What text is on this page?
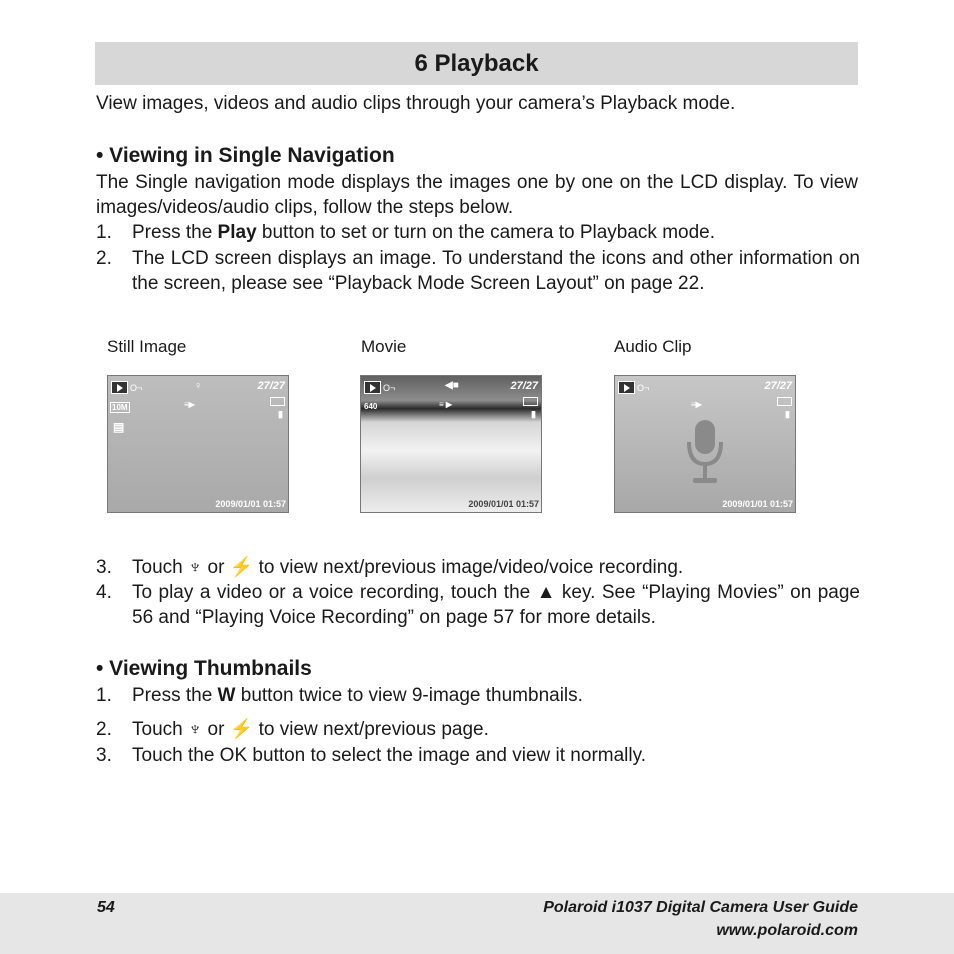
6 Playback
View images, videos and audio clips through your camera’s Playback mode.
• Viewing in Single Navigation
The Single navigation mode displays the images one by one on the LCD display. To view images/videos/audio clips, follow the steps below.
1. Press the Play button to set or turn on the camera to Playback mode.
2. The LCD screen displays an image. To understand the icons and other information on the screen, please see “Playback Mode Screen Layout” on page 22.
Still Image	Movie	Audio Clip
O¬	♀	27/27
≡▶
▮
10M
▤
2009/01/01 01:57
O¬	◀■	27/27
≡ ▶
▮
640
2009/01/01 01:57
O¬	27/27
≡▶
▮
2009/01/01 01:57
3. Touch ♆ or ⚡ to view next/previous image/video/voice recording.
4. To play a video or a voice recording, touch the ▲ key. See “Playing Movies” on page 56 and “Playing Voice Recording” on page 57 for more details.
• Viewing Thumbnails
1. Press the W button twice to view 9-image thumbnails.
2. Touch ♆ or ⚡ to view next/previous page.
3. Touch the OK button to select the image and view it normally.
54	Polaroid i1037 Digital Camera User Guide
www.polaroid.com
